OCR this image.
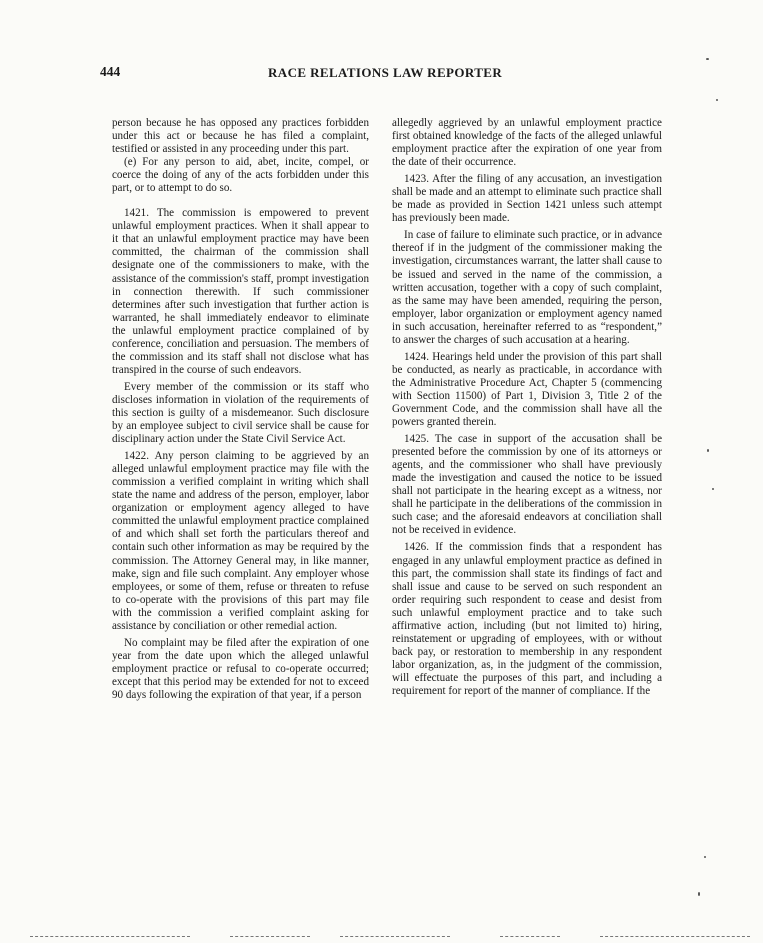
444	RACE RELATIONS LAW REPORTER

person because he has opposed any practices forbidden under this act or because he has filed a complaint, testified or assisted in any proceeding under this part.

(e) For any person to aid, abet, incite, compel, or coerce the doing of any of the acts forbidden under this part, or to attempt to do so.

1421. The commission is empowered to prevent unlawful employment practices. When it shall appear to it that an unlawful employment practice may have been committed, the chairman of the commission shall designate one of the commissioners to make, with the assistance of the commission's staff, prompt investigation in connection therewith. If such commissioner determines after such investigation that further action is warranted, he shall immediately endeavor to eliminate the unlawful employment practice complained of by conference, conciliation and persuasion. The members of the commission and its staff shall not disclose what has transpired in the course of such endeavors.

Every member of the commission or its staff who discloses information in violation of the requirements of this section is guilty of a misdemeanor. Such disclosure by an employee subject to civil service shall be cause for disciplinary action under the State Civil Service Act.

1422. Any person claiming to be aggrieved by an alleged unlawful employment practice may file with the commission a verified complaint in writing which shall state the name and address of the person, employer, labor organization or employment agency alleged to have committed the unlawful employment practice complained of and which shall set forth the particulars thereof and contain such other information as may be required by the commission. The Attorney General may, in like manner, make, sign and file such complaint. Any employer whose employees, or some of them, refuse or threaten to refuse to co-operate with the provisions of this part may file with the commission a verified complaint asking for assistance by conciliation or other remedial action.

No complaint may be filed after the expiration of one year from the date upon which the alleged unlawful employment practice or refusal to co-operate occurred; except that this period may be extended for not to exceed 90 days following the expiration of that year, if a person

allegedly aggrieved by an unlawful employment practice first obtained knowledge of the facts of the alleged unlawful employment practice after the expiration of one year from the date of their occurrence.

1423. After the filing of any accusation, an investigation shall be made and an attempt to eliminate such practice shall be made as provided in Section 1421 unless such attempt has previously been made.

In case of failure to eliminate such practice, or in advance thereof if in the judgment of the commissioner making the investigation, circumstances warrant, the latter shall cause to be issued and served in the name of the commission, a written accusation, together with a copy of such complaint, as the same may have been amended, requiring the person, employer, labor organization or employment agency named in such accusation, hereinafter referred to as “respondent,” to answer the charges of such accusation at a hearing.

1424. Hearings held under the provision of this part shall be conducted, as nearly as practicable, in accordance with the Administrative Procedure Act, Chapter 5 (commencing with Section 11500) of Part 1, Division 3, Title 2 of the Government Code, and the commission shall have all the powers granted therein.

1425. The case in support of the accusation shall be presented before the commission by one of its attorneys or agents, and the commissioner who shall have previously made the investigation and caused the notice to be issued shall not participate in the hearing except as a witness, nor shall he participate in the deliberations of the commission in such case; and the aforesaid endeavors at conciliation shall not be received in evidence.

1426. If the commission finds that a respondent has engaged in any unlawful employment practice as defined in this part, the commission shall state its findings of fact and shall issue and cause to be served on such respondent an order requiring such respondent to cease and desist from such unlawful employment practice and to take such affirmative action, including (but not limited to) hiring, reinstatement or upgrading of employees, with or without back pay, or restoration to membership in any respondent labor organization, as, in the judgment of the commission, will effectuate the purposes of this part, and including a requirement for report of the manner of compliance. If the
